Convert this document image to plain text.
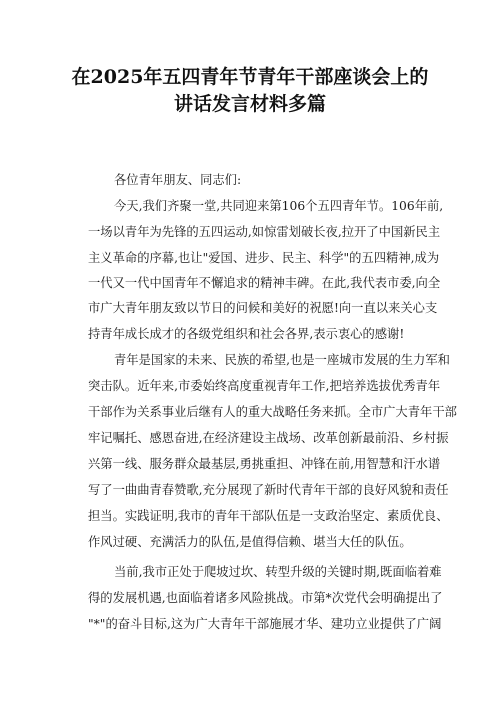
在2025年五四青年节青年干部座谈会上的
讲话发言材料多篇
各位青年朋友、同志们:
今天,我们齐聚一堂,共同迎来第106个五四青年节。106年前,
一场以青年为先锋的五四运动,如惊雷划破长夜,拉开了中国新民主
主义革命的序幕,也让"爱国、进步、民主、科学"的五四精神,成为
一代又一代中国青年不懈追求的精神丰碑。在此,我代表市委,向全
市广大青年朋友致以节日的问候和美好的祝愿!向一直以来关心支
持青年成长成才的各级党组织和社会各界,表示衷心的感谢!
青年是国家的未来、民族的希望,也是一座城市发展的生力军和
突击队。近年来,市委始终高度重视青年工作,把培养选拔优秀青年
干部作为关系事业后继有人的重大战略任务来抓。全市广大青年干部
牢记嘱托、感恩奋进,在经济建设主战场、改革创新最前沿、乡村振
兴第一线、服务群众最基层,勇挑重担、冲锋在前,用智慧和汗水谱
写了一曲曲青春赞歌,充分展现了新时代青年干部的良好风貌和责任
担当。实践证明,我市的青年干部队伍是一支政治坚定、素质优良、
作风过硬、充满活力的队伍,是值得信赖、堪当大任的队伍。
当前,我市正处于爬坡过坎、转型升级的关键时期,既面临着难
得的发展机遇,也面临着诸多风险挑战。市第*次党代会明确提出了
"*"的奋斗目标,这为广大青年干部施展才华、建功立业提供了广阔
